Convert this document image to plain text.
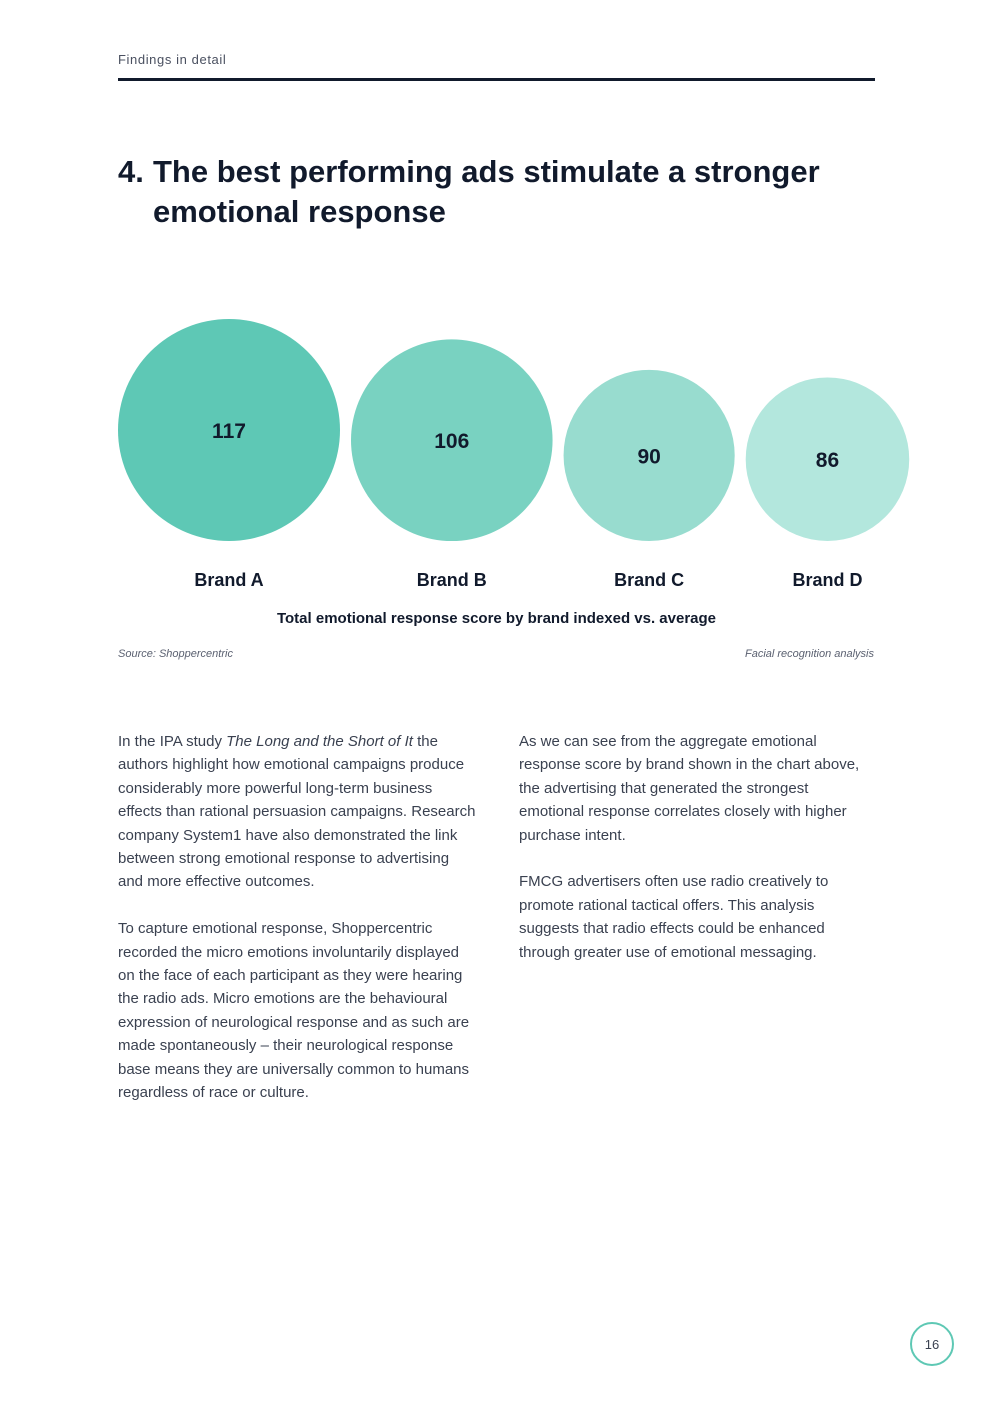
Findings in detail
4. The best performing ads stimulate a stronger emotional response
117
Brand A
106
Brand B
90
Brand C
86
Brand D
Total emotional response score by brand indexed vs. average
Source: Shoppercentric	Facial recognition analysis

In the IPA study The Long and the Short of It the authors highlight how emotional campaigns produce considerably more powerful long-term business effects than rational persuasion campaigns. Research company System1 have also demonstrated the link between strong emotional response to advertising and more effective outcomes.

To capture emotional response, Shoppercentric recorded the micro emotions involuntarily displayed on the face of each participant as they were hearing the radio ads. Micro emotions are the behavioural expression of neurological response and as such are made spontaneously – their neurological response base means they are universally common to humans regardless of race or culture.

As we can see from the aggregate emotional response score by brand shown in the chart above, the advertising that generated the strongest emotional response correlates closely with higher purchase intent.

FMCG advertisers often use radio creatively to promote rational tactical offers. This analysis suggests that radio effects could be enhanced through greater use of emotional messaging.

16
